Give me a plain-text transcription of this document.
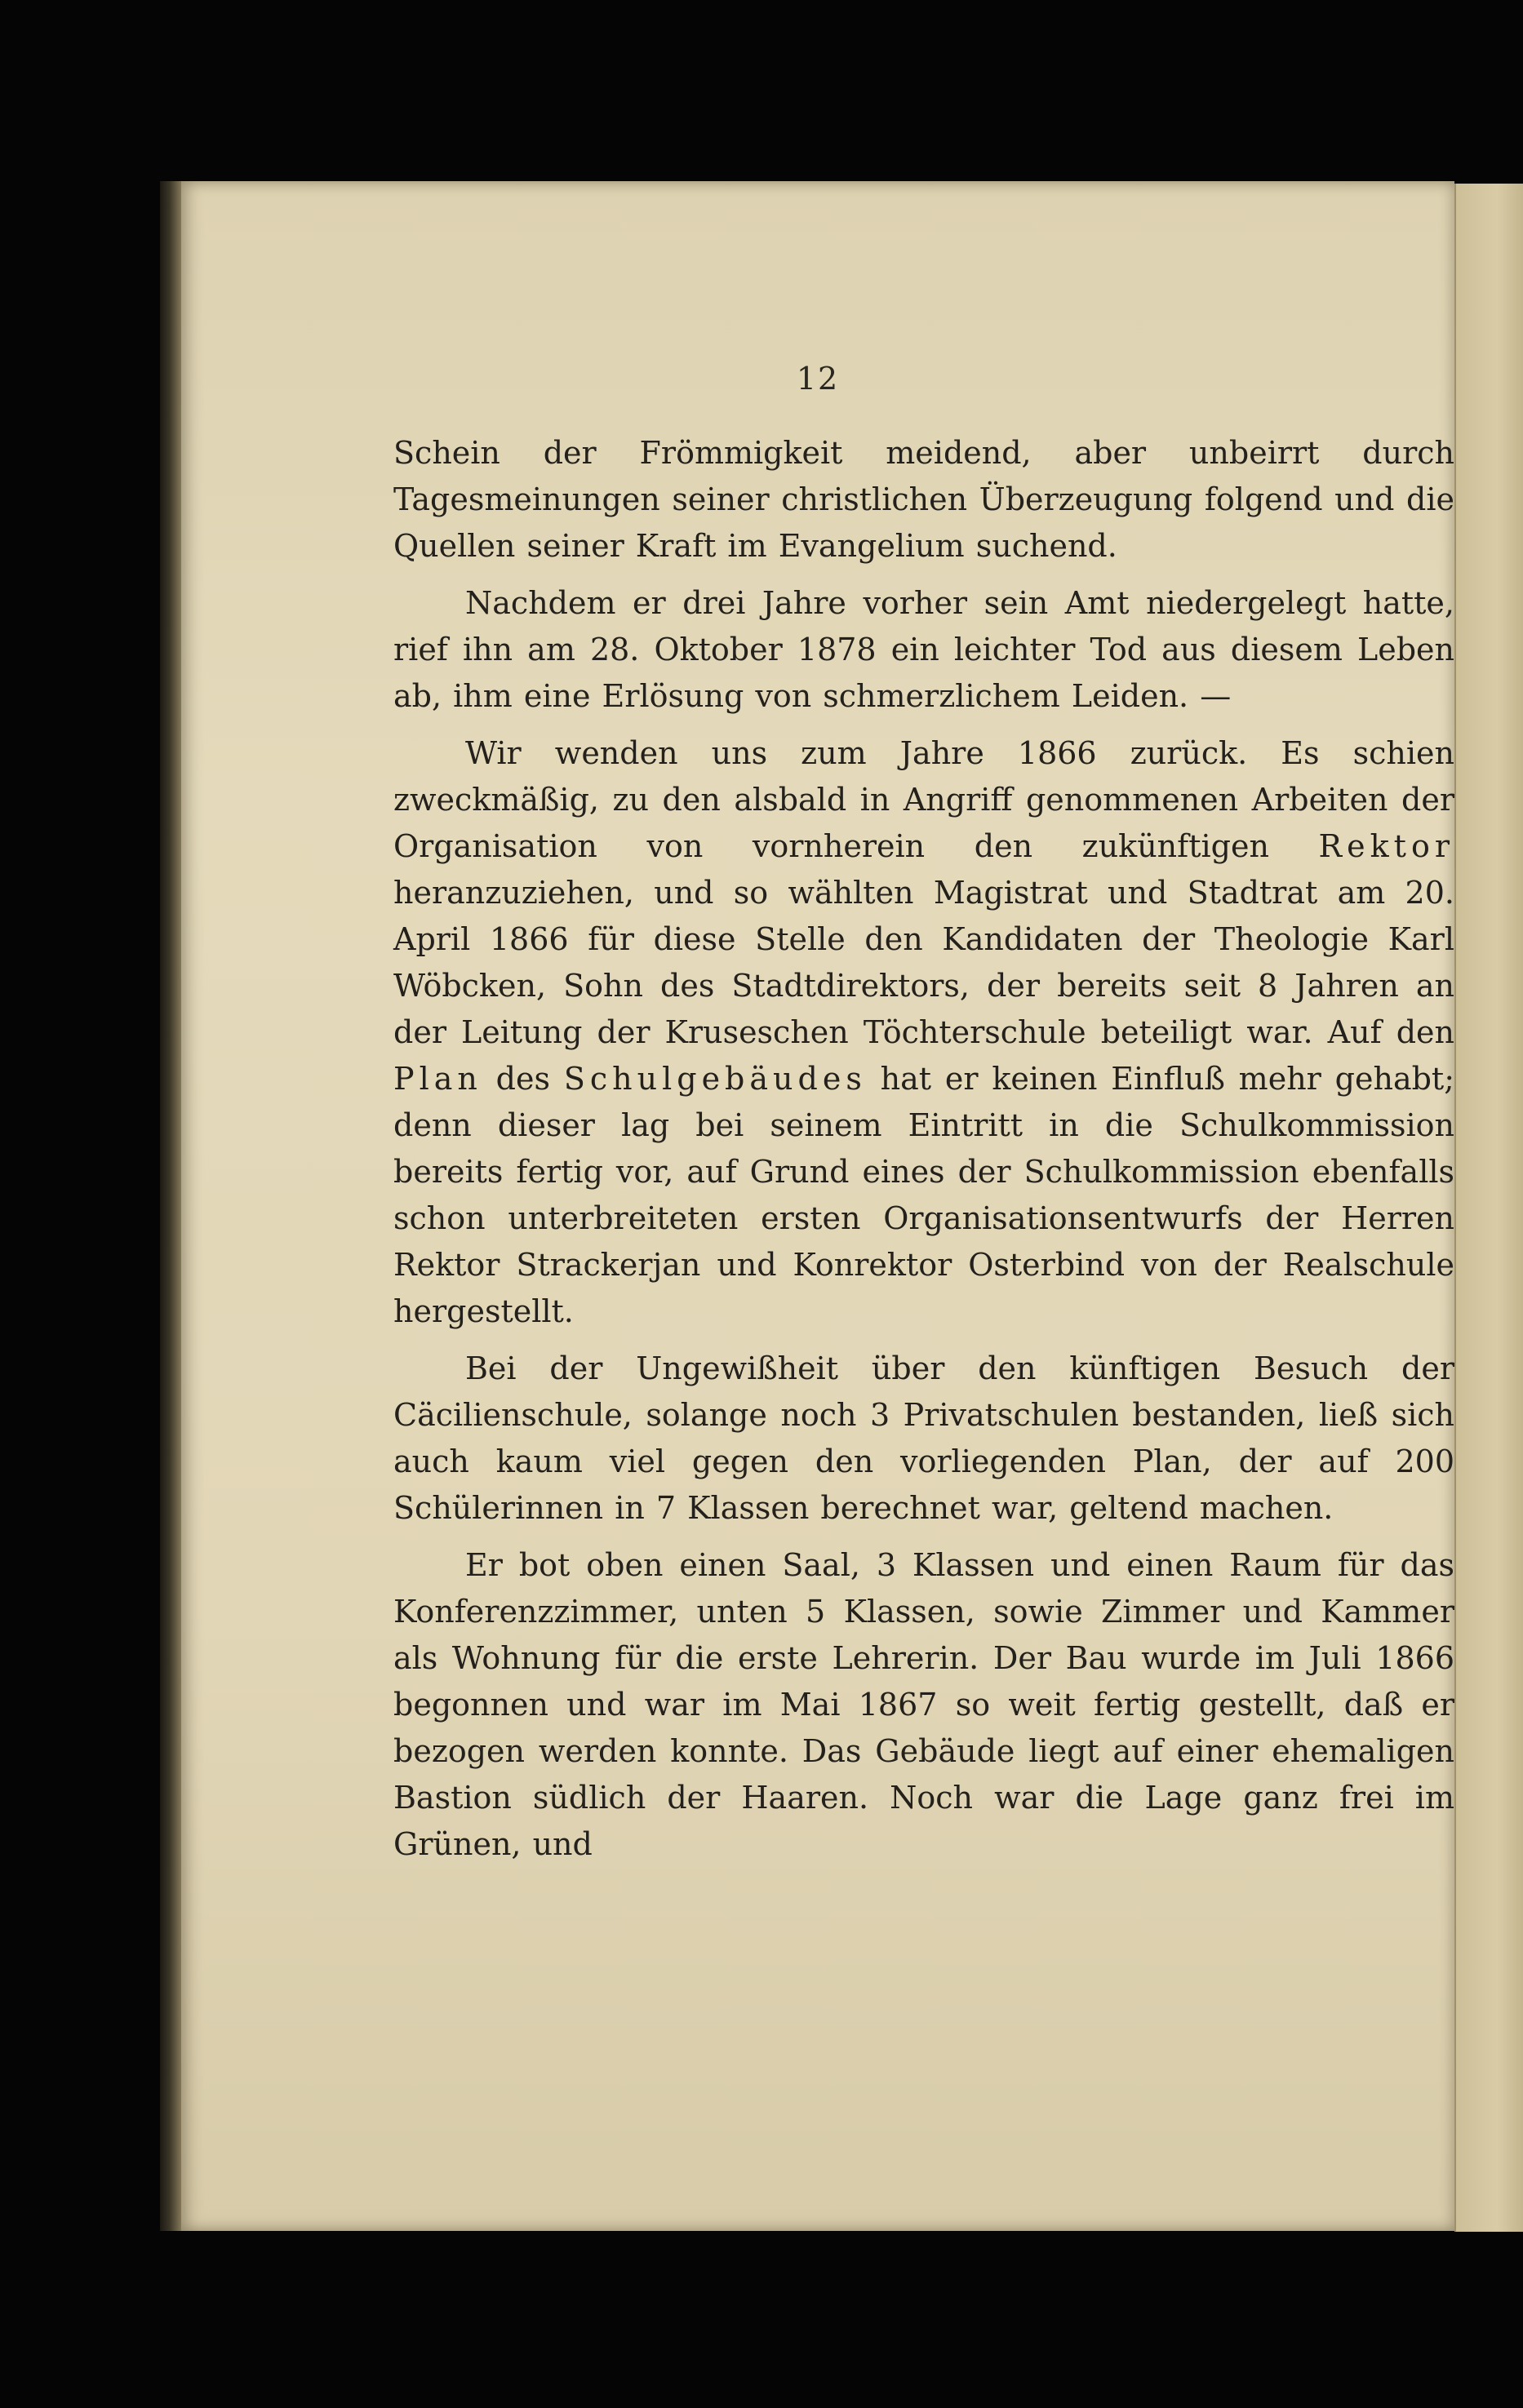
12

Schein der Frömmigkeit meidend, aber unbeirrt durch Tagesmeinungen seiner christlichen Überzeugung folgend und die Quellen seiner Kraft im Evangelium suchend.

Nachdem er drei Jahre vorher sein Amt niedergelegt hatte, rief ihn am 28. Oktober 1878 ein leichter Tod aus diesem Leben ab, ihm eine Erlösung von schmerzlichem Leiden. —

Wir wenden uns zum Jahre 1866 zurück. Es schien zweckmäßig, zu den alsbald in Angriff genommenen Arbeiten der Organisation von vornherein den zukünftigen Rektor heranzuziehen, und so wählten Magistrat und Stadtrat am 20. April 1866 für diese Stelle den Kandidaten der Theologie Karl Wöbcken, Sohn des Stadtdirektors, der bereits seit 8 Jahren an der Leitung der Kruseschen Töchterschule beteiligt war. Auf den Plan des Schulgebäudes hat er keinen Einfluß mehr gehabt; denn dieser lag bei seinem Eintritt in die Schulkommission bereits fertig vor, auf Grund eines der Schulkommission ebenfalls schon unterbreiteten ersten Organisationsentwurfs der Herren Rektor Strackerjan und Konrektor Osterbind von der Realschule hergestellt.

Bei der Ungewißheit über den künftigen Besuch der Cäcilienschule, solange noch 3 Privatschulen bestanden, ließ sich auch kaum viel gegen den vorliegenden Plan, der auf 200 Schülerinnen in 7 Klassen berechnet war, geltend machen.

Er bot oben einen Saal, 3 Klassen und einen Raum für das Konferenzzimmer, unten 5 Klassen, sowie Zimmer und Kammer als Wohnung für die erste Lehrerin. Der Bau wurde im Juli 1866 begonnen und war im Mai 1867 so weit fertig gestellt, daß er bezogen werden konnte. Das Gebäude liegt auf einer ehemaligen Bastion südlich der Haaren. Noch war die Lage ganz frei im Grünen, und
